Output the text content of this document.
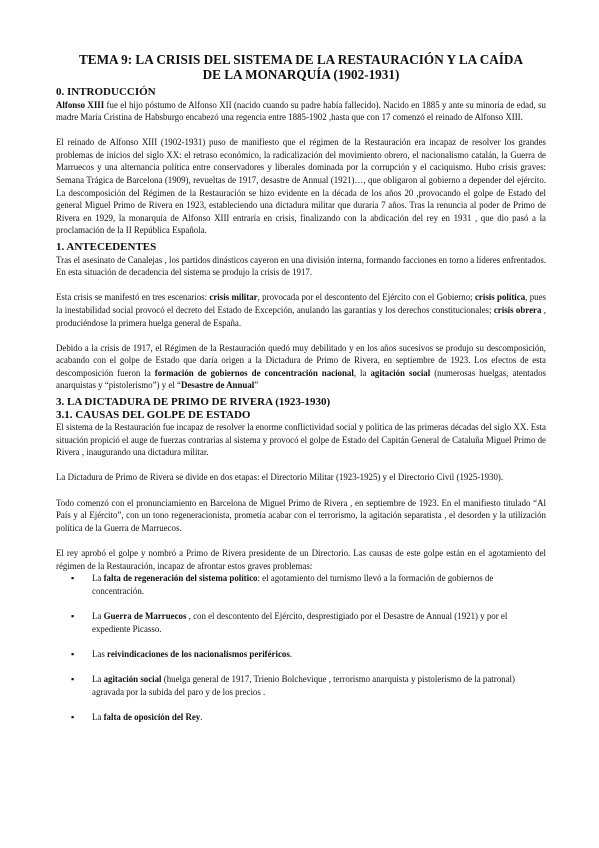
TEMA 9: LA CRISIS DEL SISTEMA DE LA RESTAURACIÓN Y LA CAÍDA
DE LA MONARQUÍA (1902-1931)
0. INTRODUCCIÓN

Alfonso XIII fue el hijo póstumo de Alfonso XII (nacido cuando su padre había fallecido). Nacido en 1885 y ante su minoría de edad, su madre María Cristina de Habsburgo encabezó una regencia entre 1885-1902 ,hasta que con 17 comenzó el reinado de Alfonso XIII.

El reinado de Alfonso XIII (1902-1931) puso de manifiesto que el régimen de la Restauración era incapaz de resolver los grandes problemas de inicios del siglo XX: el retraso económico, la radicalización del movimiento obrero, el nacionalismo catalán, la Guerra de Marruecos y una alternancia política entre conservadores y liberales dominada por la corrupción y el caciquismo. Hubo crisis graves: Semana Trágica de Barcelona (1909), revueltas de 1917, desastre de Annual (1921)…, que obligaron al gobierno a depender del ejército. La descomposición del Régimen de la Restauración se hizo evidente en la década de los años 20 ,provocando el golpe de Estado del general Miguel Primo de Rivera en 1923, estableciendo una dictadura militar que duraría 7 años. Tras la renuncia al poder de Primo de Rivera en 1929, la monarquía de Alfonso XIII entraría en crisis, finalizando con la abdicación del rey en 1931 , que dio pasó a la proclamación de la II República Española.

1. ANTECEDENTES

Tras el asesinato de Canalejas , los partidos dinásticos cayeron en una división interna, formando facciones en torno a líderes enfrentados. En esta situación de decadencia del sistema se produjo la crisis de 1917.

Esta crisis se manifestó en tres escenarios: crisis militar, provocada por el descontento del Ejército con el Gobierno; crisis política, pues la inestabilidad social provocó el decreto del Estado de Excepción, anulando las garantías y los derechos constitucionales; crisis obrera , produciéndose la primera huelga general de España.

Debido a la crisis de 1917, el Régimen de la Restauración quedó muy debilitado y en los años sucesivos se produjo su descomposición, acabando con el golpe de Estado que daría origen a la Dictadura de Primo de Rivera, en septiembre de 1923. Los efectos de esta descomposición fueron la formación de gobiernos de concentración nacional, la agitación social (numerosas huelgas, atentados anarquistas y “pistolerismo”) y el “Desastre de Annual”

3. LA DICTADURA DE PRIMO DE RIVERA (1923-1930)
3.1. CAUSAS DEL GOLPE DE ESTADO

El sistema de la Restauración fue incapaz de resolver la enorme conflictividad social y política de las primeras décadas del siglo XX. Esta situación propició el auge de fuerzas contrarias al sistema y provocó el golpe de Estado del Capitán General de Cataluña Miguel Primo de Rivera , inaugurando una dictadura militar.

La Dictadura de Primo de Rivera se divide en dos etapas: el Directorio Militar (1923-1925) y el Directorio Civil (1925-1930).

Todo comenzó con el pronunciamiento en Barcelona de Miguel Primo de Rivera , en septiembre de 1923. En el manifiesto titulado “Al País y al Ejército”, con un tono regeneracionista, prometía acabar con el terrorismo, la agitación separatista , el desorden y la utilización política de la Guerra de Marruecos.

El rey aprobó el golpe y nombró a Primo de Rivera presidente de un Directorio. Las causas de este golpe están en el agotamiento del régimen de la Restauración, incapaz de afrontar estos graves problemas:

▪ La falta de regeneración del sistema político: el agotamiento del turnismo llevó a la formación de gobiernos de concentración.
▪ La Guerra de Marruecos , con el descontento del Ejército, desprestigiado por el Desastre de Annual (1921) y por el expediente Picasso.
▪ Las reivindicaciones de los nacionalismos periféricos.
▪ La agitación social (huelga general de 1917, Trienio Bolchevique , terrorismo anarquista y pistolerismo de la patronal) agravada por la subida del paro y de los precios .
▪ La falta de oposición del Rey.
